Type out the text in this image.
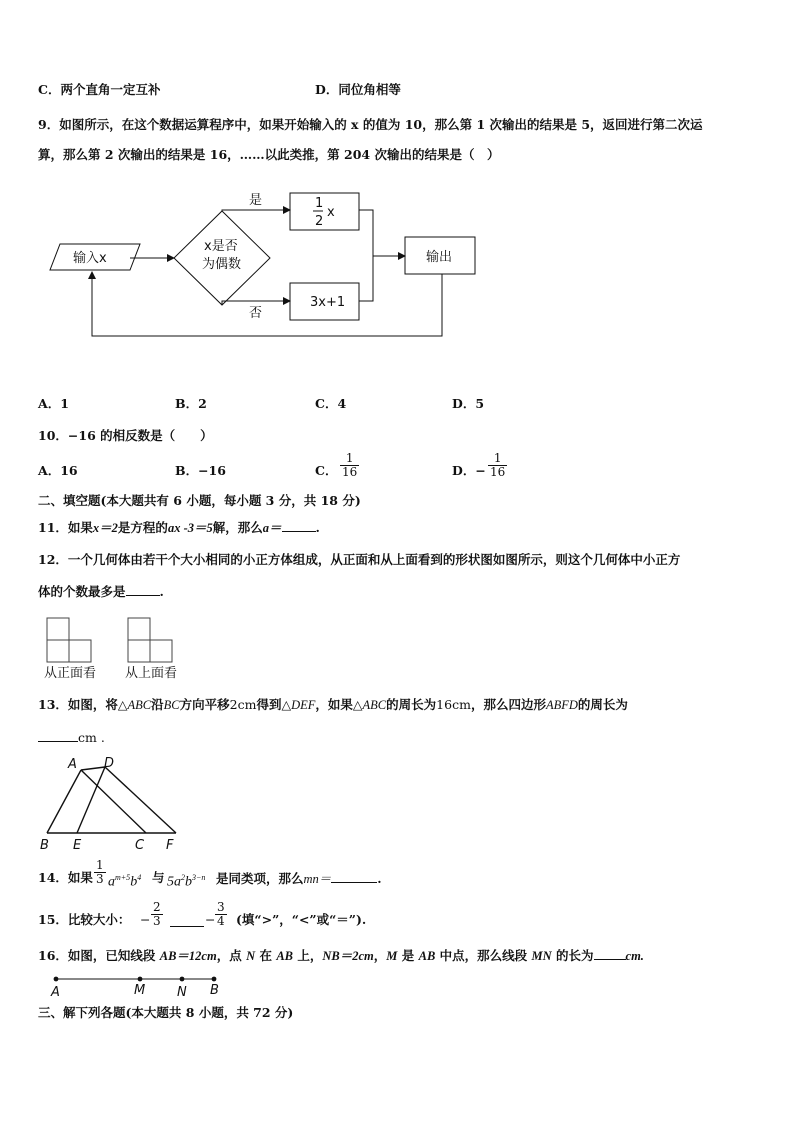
C．两个直角一定互补	D．同位角相等
9．如图所示，在这个数据运算程序中，如果开始输入的 x 的值为 10，那么第 1 次输出的结果是 5，返回进行第二次运
算，那么第 2 次输出的结果是 16，……以此类推，第 204 次输出的结果是（　）
输入x
x是否
为偶数
是
否
1
2
x
3x+1
输出
从正面看 从上面看
A D
B E	C F
A	M N B
A．1	B．2	C．4	D．5
10．−16 的相反数是（　　）
A．16	B．−16	C． $\frac{1}{16}$	D．− $\frac{1}{16}$
二、填空题(本大题共有 6 小题，每小题 3 分，共 18 分)
11．如果x＝2是方程的ax -3＝5解，那么a＝	.
12．一个几何体由若干个大小相同的小正方体组成，从正面和从上面看到的形状图如图所示，则这个几何体中小正方
体的个数最多是	.
13．如图，将△ABC沿BC方向平移2cm得到△DEF，如果△ABC的周长为16cm，那么四边形ABFD的周长为
cm .
14．如果 $\frac{1}{3} a^{m+5}b^4$ 与 $5a^2b^{3-n}$ 是同类项，那么mn＝	.
15．比较大小： − $\frac{2}{3}$	− $\frac{3}{4}$ (填“>”，“<”或“＝”).
16．如图，已知线段 AB＝12cm，点 N 在 AB 上，NB＝2cm，M 是 AB 中点，那么线段 MN 的长为	cm.
三、解下列各题(本大题共 8 小题，共 72 分)
